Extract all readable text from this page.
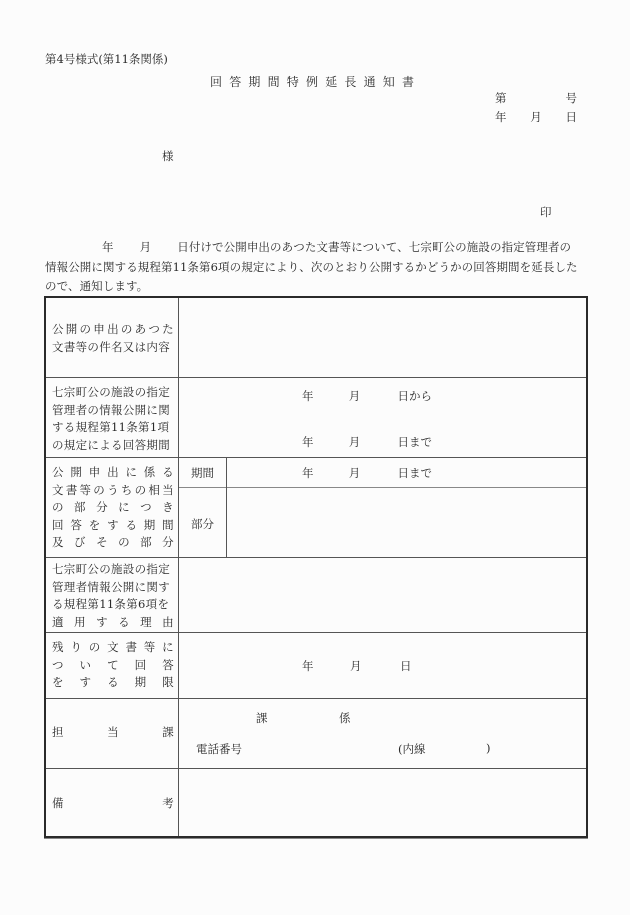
第4号様式(第11条関係)
回答期間特例延長通知書
第	号
年 月 日
様
印
年 月 日付けで公開申出のあつた文書等について、七宗町公の施設の指定管理者の
情報公開に関する規程第11条第6項の規定により、次のとおり公開するかどうかの回答期間を延長した
ので、通知します。
公 開 の 申 出 の あ つ た
文書等の件名又は内容
七宗町公の施設の指定
管理者の情報公開に関
する規程第11条第1項
の規定による回答期間
年	月	日から
年	月	日まで
公 開 申 出 に 係 る
文 書 等 の う ち の 相 当
の 部 分 に つ き
回 答 を す る 期 間
及 び そ の 部 分
期間	年	月	日まで
部分
七宗町公の施設の指定
管理者情報公開に関す
る規程第11条第6項を
適 用 す る 理 由
残 り の 文 書 等 に
つ い て 回 答
を す る 期 限
年	月	日
担	当	課
課	係
電話番号	(内線	)
備	考
